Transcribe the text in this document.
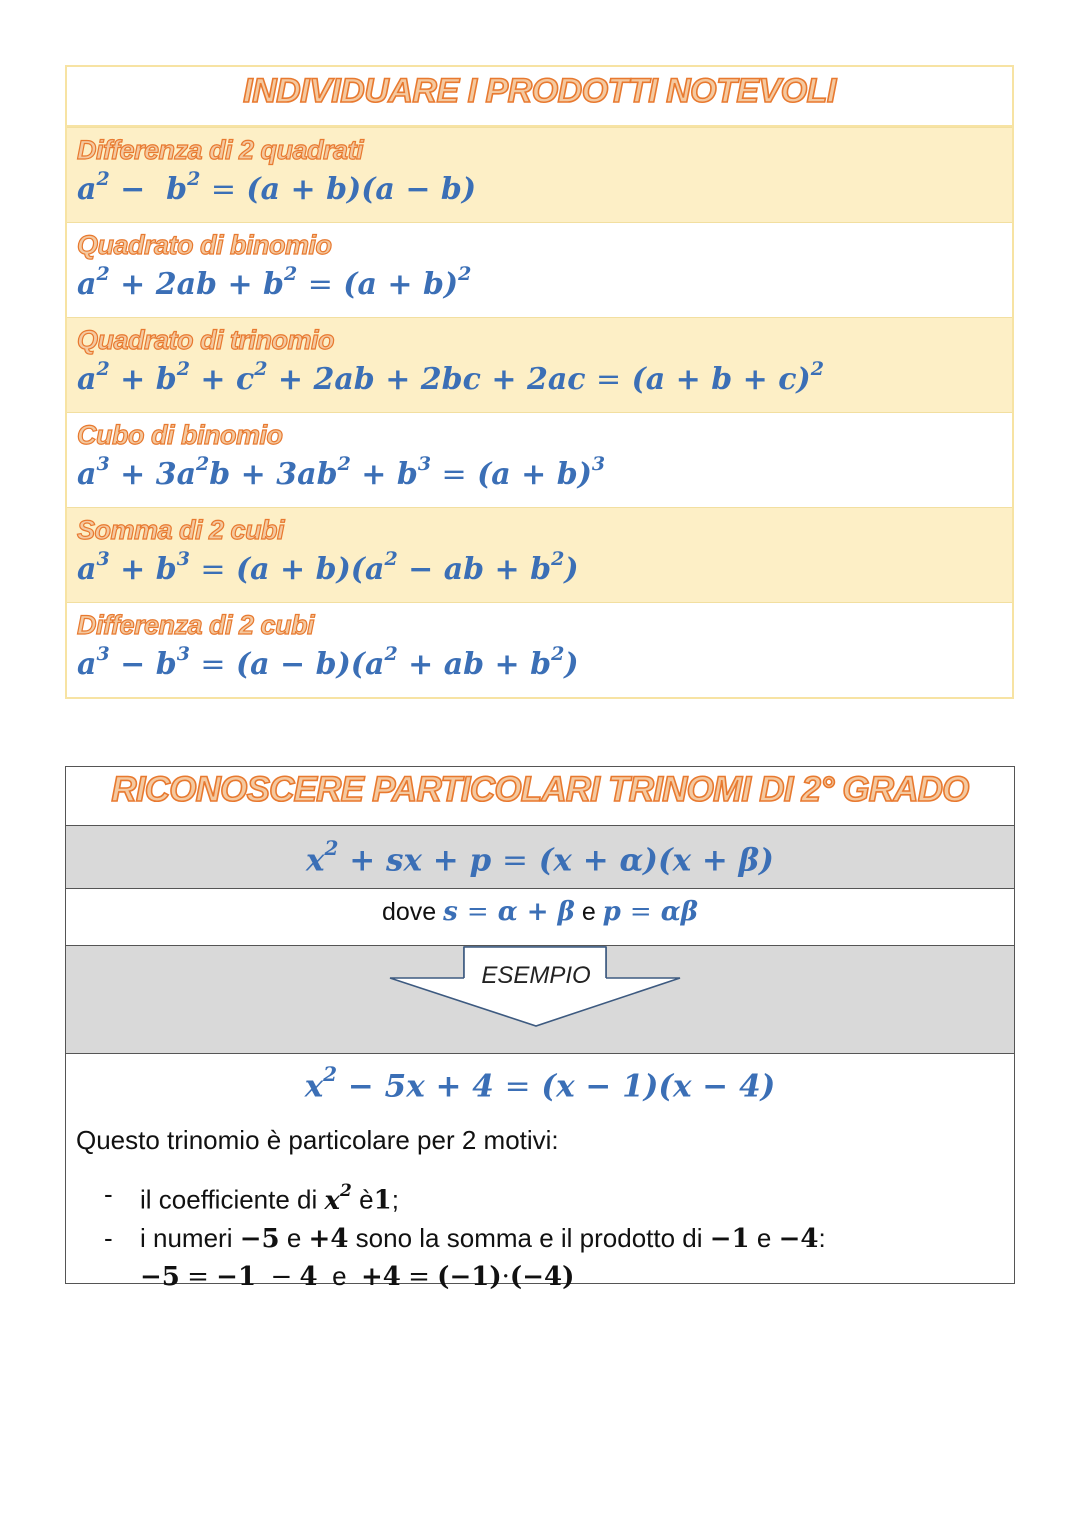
INDIVIDUARE I PRODOTTI NOTEVOLI
Differenza di 2 quadrati
$a^2 - b^2 = (a + b)(a - b)$
Quadrato di binomio
$a^2 + 2ab + b^2 = (a + b)^2$
Quadrato di trinomio
$a^2 + b^2 + c^2 + 2ab + 2bc + 2ac = (a + b + c)^2$
Cubo di binomio
$a^3 + 3a^2b + 3ab^2 + b^3 = (a + b)^3$
Somma di 2 cubi
$a^3 + b^3 = (a + b)(a^2$ − ab + $b^2$)
Differenza di 2 cubi
$a^3 - b^3 = (a - b)(a^2$ + ab + $b^2$)
RICONOSCERE PARTICOLARI TRINOMI DI 2° GRADO
$x^2$ + sx + p = (x + α)(x + β)
dove s = α + β e p = αβ
ESEMPIO
$x^2 - 5x + 4 = (x - 1)(x - 4)$
Questo trinomio è particolare per 2 motivi:
- il coefficiente di $x^2$ è1;
- i numeri −5 e +4 sono la somma e il prodotto di −1 e −4:
−5 = −1 − 4 e +4 = (−1)·(−4)
